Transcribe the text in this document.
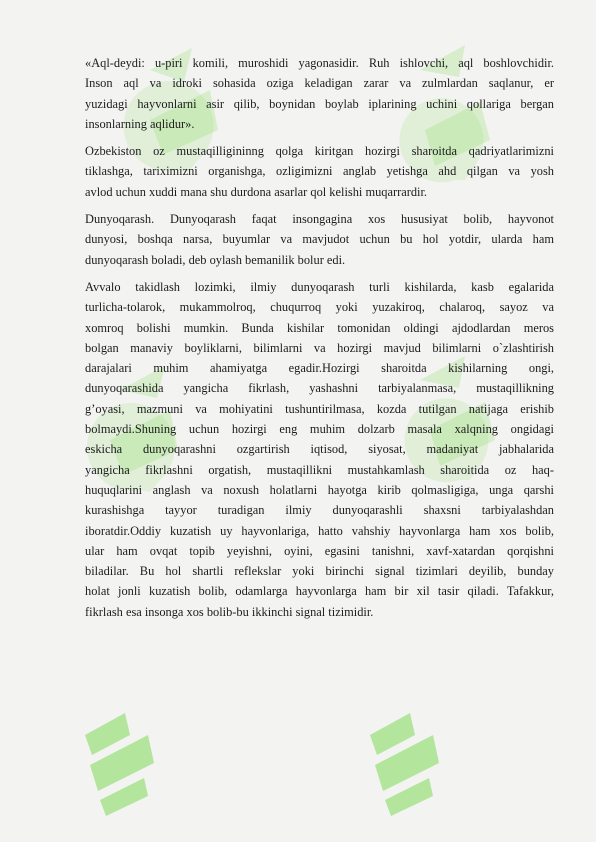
«Aql-deydi: u-piri komili, muroshidi yagonasidir. Ruh ishlovchi, aql boshlovchidir.
Inson aql va idroki sohasida oziga keladigan zarar va zulmlardan saqlanur, er
yuzidagi hayvonlarni asir qilib, boynidan boylab iplarining uchini qollariga bergan
insonlarning aqlidur».

Ozbekiston oz mustaqilligininng qolga kiritgan hozirgi sharoitda qadriyatlarimizni
tiklashga, tariximizni organishga, ozligimizni anglab yetishga ahd qilgan va yosh
avlod uchun xuddi mana shu durdona asarlar qol kelishi muqarrardir.

Dunyoqarash. Dunyoqarash faqat insongagina xos hususiyat bolib, hayvonot
dunyosi, boshqa narsa, buyumlar va mavjudot uchun bu hol yotdir, ularda ham
dunyoqarash boladi, deb oylash bemanilik bolur edi.

Avvalo takidlash lozimki, ilmiy dunyoqarash turli kishilarda, kasb egalarida
turlicha-tolarok, mukammolroq, chuqurroq yoki yuzakiroq, chalaroq, sayoz va
xomroq bolishi mumkin. Bunda kishilar tomonidan oldingi ajdodlardan meros
bolgan manaviy boyliklarni, bilimlarni va hozirgi mavjud bilimlarni o`zlashtirish
darajalari muhim ahamiyatga egadir.Hozirgi sharoitda kishilarning ongi,
dunyoqarashida yangicha fikrlash, yashashni tarbiyalanmasa, mustaqillikning
g’oyasi, mazmuni va mohiyatini tushuntirilmasa, kozda tutilgan natijaga erishib
bolmaydi.Shuning uchun hozirgi eng muhim dolzarb masala xalqning ongidagi
eskicha dunyoqarashni ozgartirish iqtisod, siyosat, madaniyat jabhalarida
yangicha fikrlashni orgatish, mustaqillikni mustahkamlash sharoitida oz haq-
huquqlarini anglash va noxush holatlarni hayotga kirib qolmasligiga, unga qarshi
kurashishga tayyor turadigan ilmiy dunyoqarashli shaxsni tarbiyalashdan
iboratdir.Oddiy kuzatish uy hayvonlariga, hatto vahshiy hayvonlarga ham xos bolib,
ular ham ovqat topib yeyishni, oyini, egasini tanishni, xavf-xatardan qorqishni
biladilar. Bu hol shartli reflekslar yoki birinchi signal tizimlari deyilib, bunday
holat jonli kuzatish bolib, odamlarga hayvonlarga ham bir xil tasir qiladi. Tafakkur,
fikrlash esa insonga xos bolib-bu ikkinchi signal tizimidir.
